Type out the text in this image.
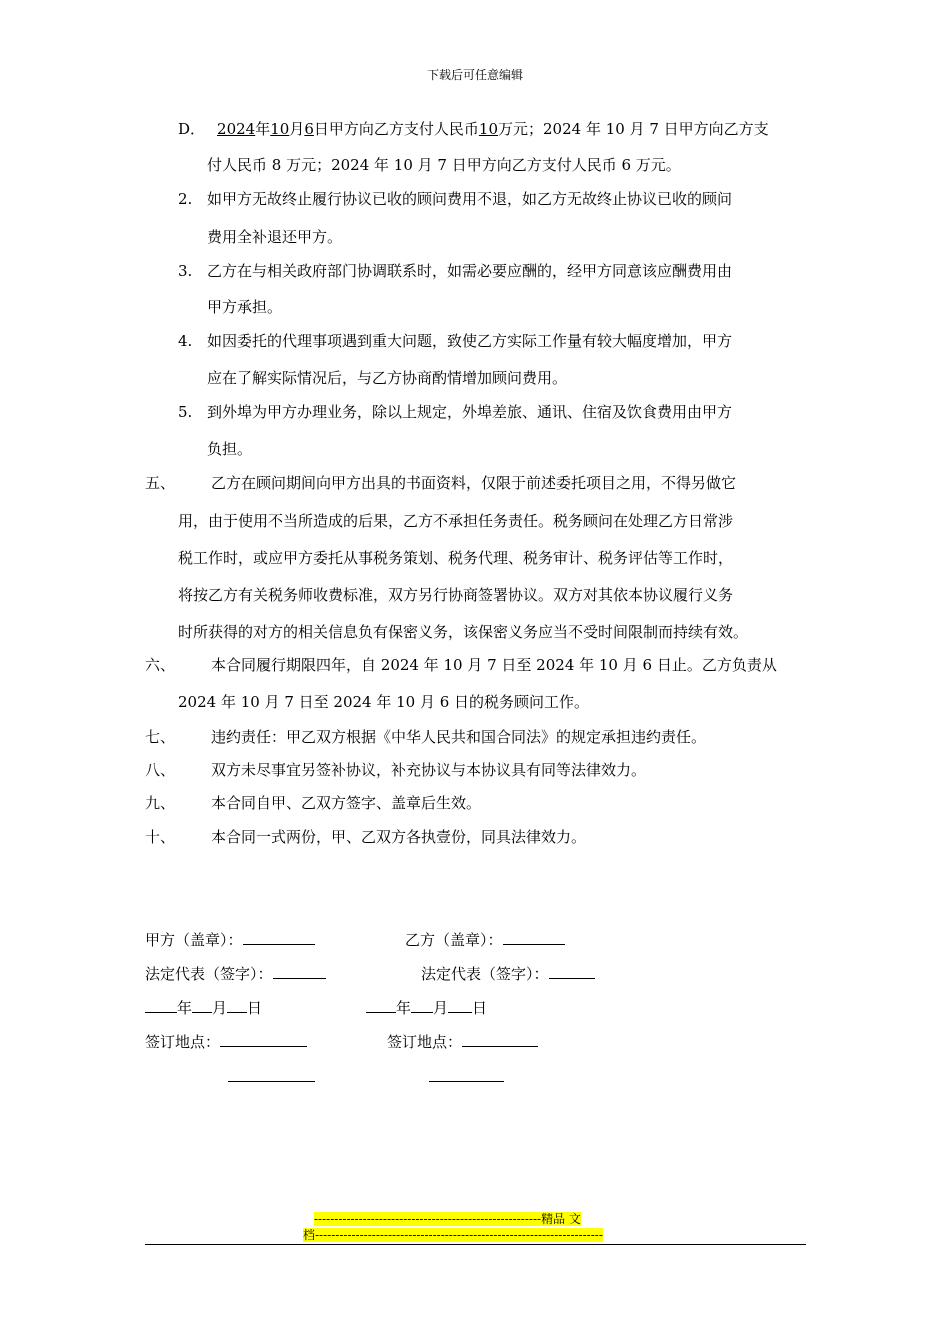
下载后可任意编辑
D． 2024年10月6日甲方向乙方支付人民币10万元；2024 年 10 月 7 日甲方向乙方支
付人民币 8 万元；2024 年 10 月 7 日甲方向乙方支付人民币 6 万元。
2. 如甲方无故终止履行协议已收的顾问费用不退，如乙方无故终止协议已收的顾问
费用全补退还甲方。
3. 乙方在与相关政府部门协调联系时，如需必要应酬的，经甲方同意该应酬费用由
甲方承担。
4. 如因委托的代理事项遇到重大问题，致使乙方实际工作量有较大幅度增加，甲方
应在了解实际情况后，与乙方协商酌情增加顾问费用。
5. 到外埠为甲方办理业务，除以上规定，外埠差旅、通讯、住宿及饮食费用由甲方
负担。
五、 乙方在顾问期间向甲方出具的书面资料，仅限于前述委托项目之用，不得另做它
用，由于使用不当所造成的后果，乙方不承担任务责任。税务顾问在处理乙方日常涉
税工作时，或应甲方委托从事税务策划、税务代理、税务审计、税务评估等工作时，
将按乙方有关税务师收费标准，双方另行协商签署协议。双方对其依本协议履行义务
时所获得的对方的相关信息负有保密义务，该保密义务应当不受时间限制而持续有效。
六、 本合同履行期限四年，自 2024 年 10 月 7 日至 2024 年 10 月 6 日止。乙方负责从
2024 年 10 月 7 日至 2024 年 10 月 6 日的税务顾问工作。
七、 违约责任：甲乙双方根据《中华人民共和国合同法》的规定承担违约责任。
八、 双方未尽事宜另签补协议，补充协议与本协议具有同等法律效力。
九、 本合同自甲、乙双方签字、盖章后生效。
十、 本合同一式两份，甲、乙双方各执壹份，同具法律效力。
甲方（盖章）：	乙方（盖章）：
法定代表（签字）：	法定代表（签字）：
年 月 日	年 月 日
签订地点：	签订地点：
--------------------------------------------------------精品 文
档-----------------------------------------------------------------------
